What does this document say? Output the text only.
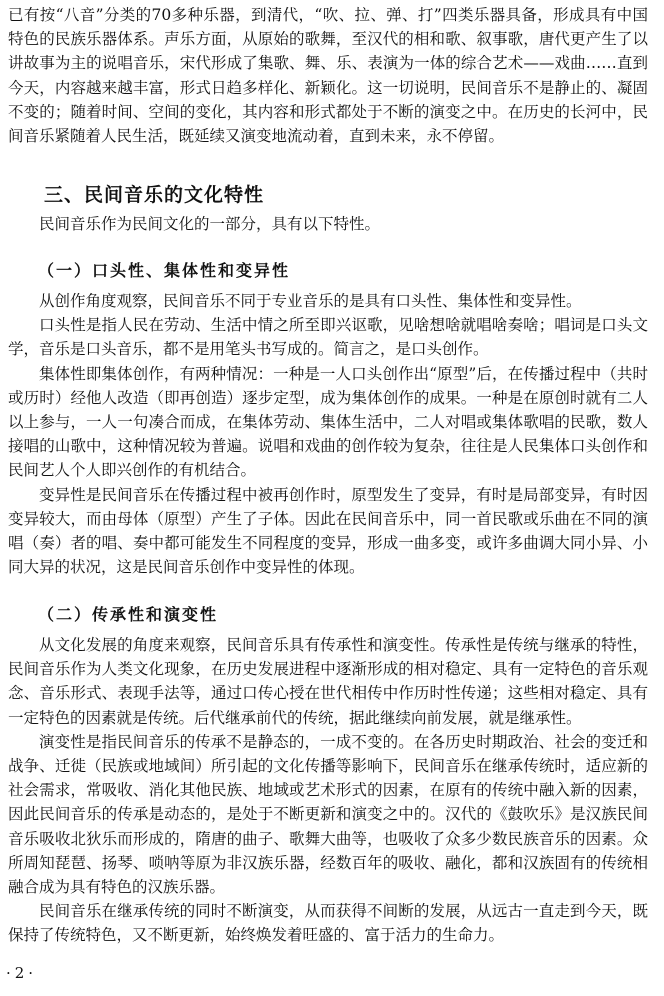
已有按“八音”分类的70多种乐器，到清代，“吹、拉、弹、打”四类乐器具备，形成具有中国特色的民族乐器体系。声乐方面，从原始的歌舞，至汉代的相和歌、叙事歌，唐代更产生了以讲故事为主的说唱音乐，宋代形成了集歌、舞、乐、表演为一体的综合艺术——戏曲……直到今天，内容越来越丰富，形式日趋多样化、新颖化。这一切说明，民间音乐不是静止的、凝固不变的；随着时间、空间的变化，其内容和形式都处于不断的演变之中。在历史的长河中，民间音乐紧随着人民生活，既延续又演变地流动着，直到未来，永不停留。

三、民间音乐的文化特性

民间音乐作为民间文化的一部分，具有以下特性。

（一）口头性、集体性和变异性

从创作角度观察，民间音乐不同于专业音乐的是具有口头性、集体性和变异性。

口头性是指人民在劳动、生活中情之所至即兴讴歌，见啥想啥就唱啥奏啥；唱词是口头文学，音乐是口头音乐，都不是用笔头书写成的。简言之，是口头创作。

集体性即集体创作，有两种情况：一种是一人口头创作出“原型”后，在传播过程中（共时或历时）经他人改造（即再创造）逐步定型，成为集体创作的成果。一种是在原创时就有二人以上参与，一人一句凑合而成，在集体劳动、集体生活中，二人对唱或集体歌唱的民歌，数人接唱的山歌中，这种情况较为普遍。说唱和戏曲的创作较为复杂，往往是人民集体口头创作和民间艺人个人即兴创作的有机结合。

变异性是民间音乐在传播过程中被再创作时，原型发生了变异，有时是局部变异，有时因变异较大，而由母体（原型）产生了子体。因此在民间音乐中，同一首民歌或乐曲在不同的演唱（奏）者的唱、奏中都可能发生不同程度的变异，形成一曲多变，或许多曲调大同小异、小同大异的状况，这是民间音乐创作中变异性的体现。

（二）传承性和演变性

从文化发展的角度来观察，民间音乐具有传承性和演变性。传承性是传统与继承的特性，民间音乐作为人类文化现象，在历史发展进程中逐渐形成的相对稳定、具有一定特色的音乐观念、音乐形式、表现手法等，通过口传心授在世代相传中作历时性传递；这些相对稳定、具有一定特色的因素就是传统。后代继承前代的传统，据此继续向前发展，就是继承性。

演变性是指民间音乐的传承不是静态的，一成不变的。在各历史时期政治、社会的变迁和战争、迁徙（民族或地域间）所引起的文化传播等影响下，民间音乐在继承传统时，适应新的社会需求，常吸收、消化其他民族、地域或艺术形式的因素，在原有的传统中融入新的因素，因此民间音乐的传承是动态的，是处于不断更新和演变之中的。汉代的《鼓吹乐》是汉族民间音乐吸收北狄乐而形成的，隋唐的曲子、歌舞大曲等，也吸收了众多少数民族音乐的因素。众所周知琵琶、扬琴、唢呐等原为非汉族乐器，经数百年的吸收、融化，都和汉族固有的传统相融合成为具有特色的汉族乐器。

民间音乐在继承传统的同时不断演变，从而获得不间断的发展，从远古一直走到今天，既保持了传统特色，又不断更新，始终焕发着旺盛的、富于活力的生命力。

·2·
